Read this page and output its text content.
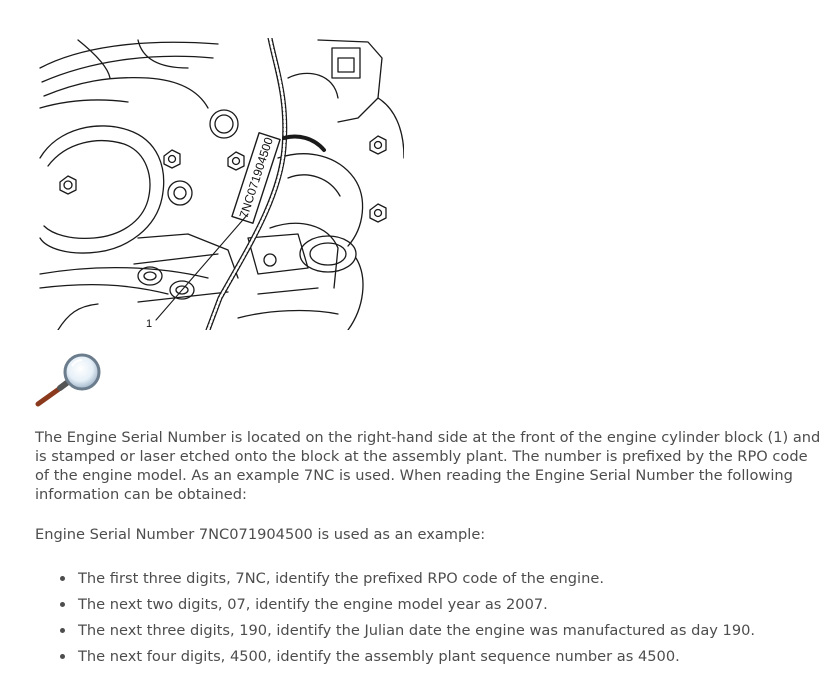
7NC071904500
1

The Engine Serial Number is located on the right-hand side at the front of the engine cylinder block (1) and is stamped or laser etched onto the block at the assembly plant. The number is prefixed by the RPO code of the engine model. As an example 7NC is used. When reading the Engine Serial Number the following information can be obtained:

Engine Serial Number 7NC071904500 is used as an example:

The first three digits, 7NC, identify the prefixed RPO code of the engine.
The next two digits, 07, identify the engine model year as 2007.
The next three digits, 190, identify the Julian date the engine was manufactured as day 190.
The next four digits, 4500, identify the assembly plant sequence number as 4500.
